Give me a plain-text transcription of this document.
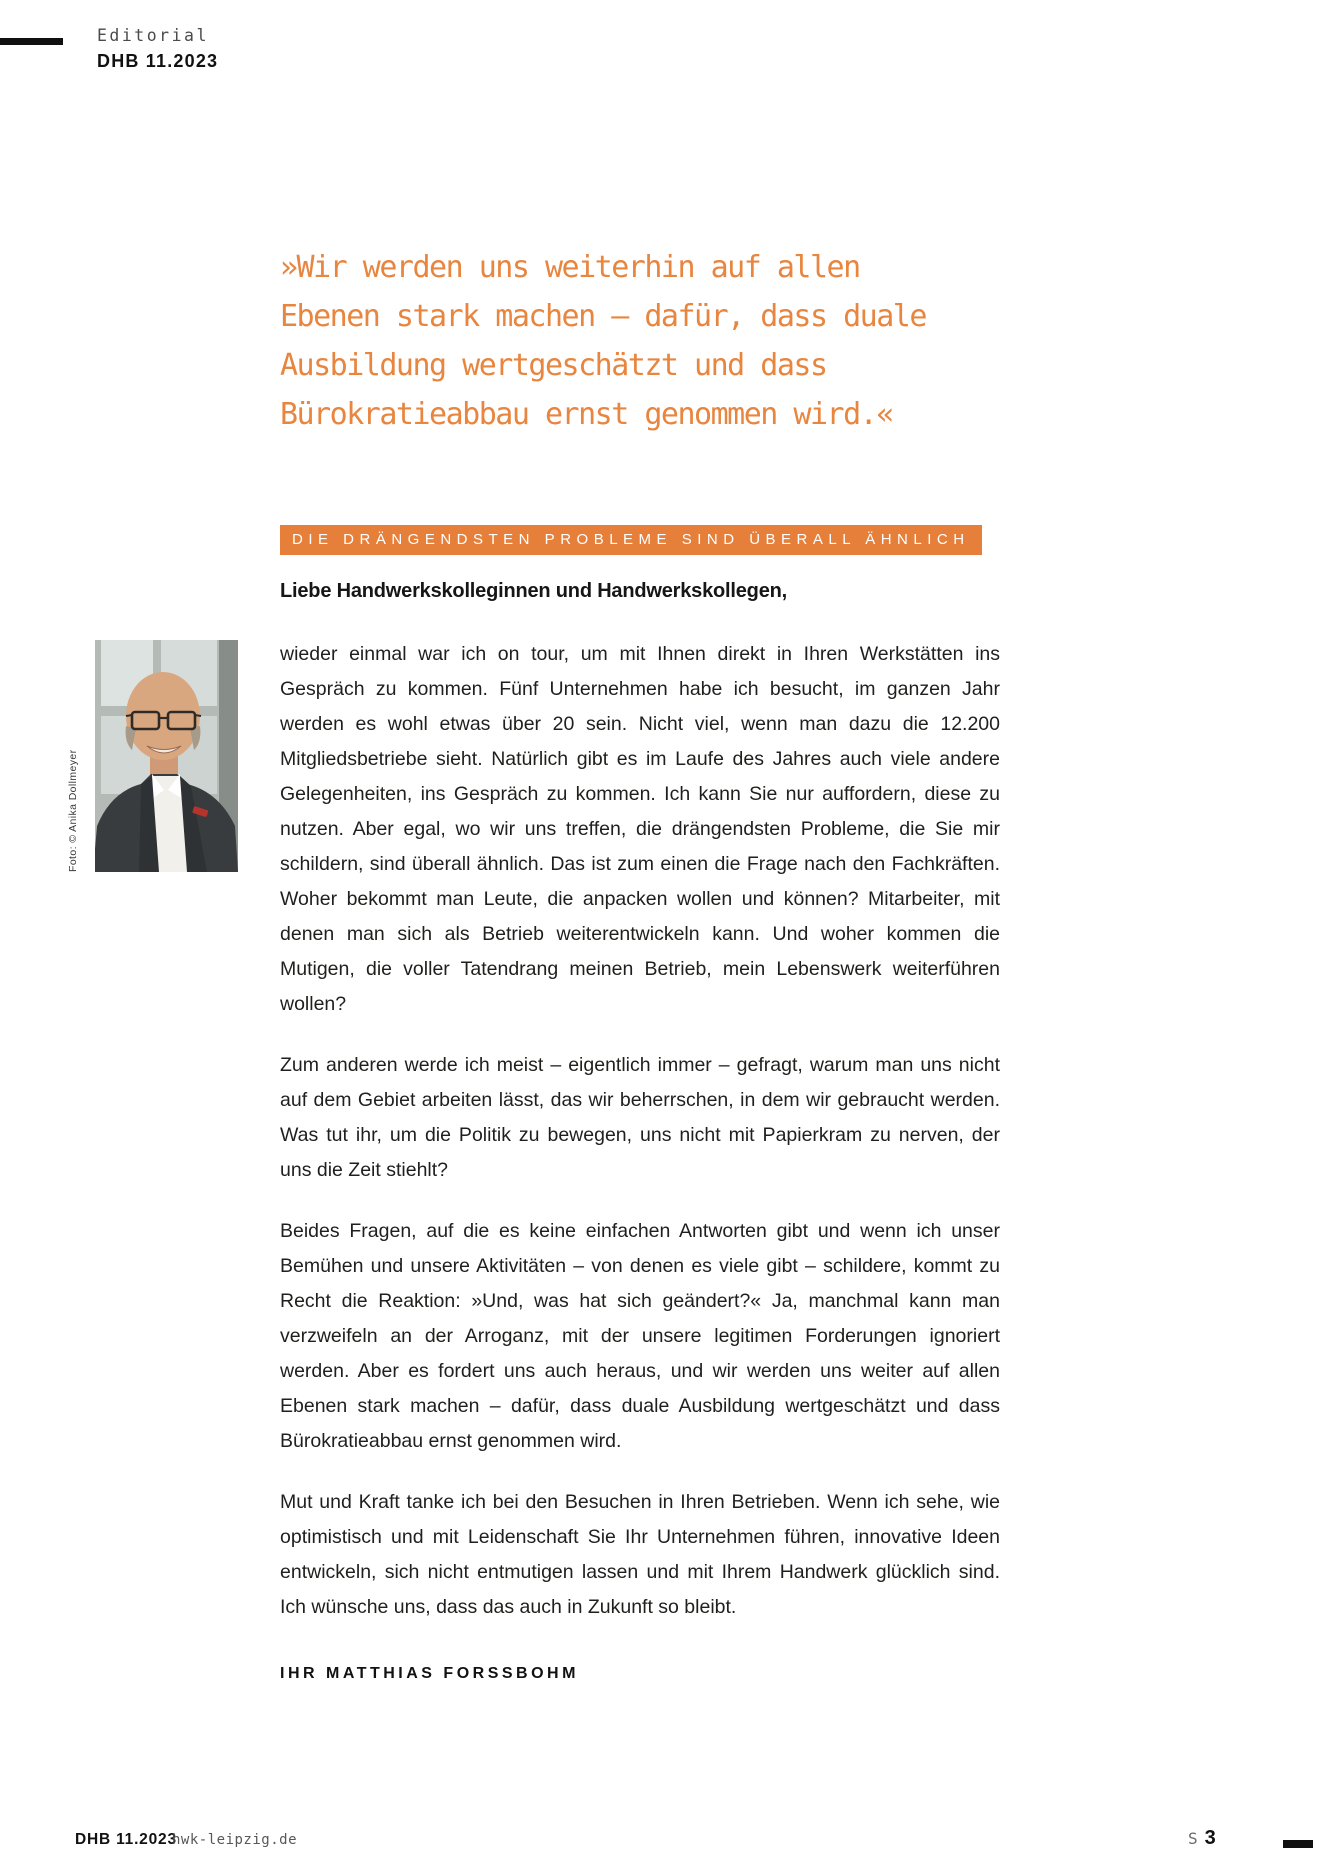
Editorial
DHB 11.2023
»Wir werden uns weiterhin auf allen
Ebenen stark machen – dafür, dass duale
Ausbildung wertgeschätzt und dass
Bürokratieabbau ernst genommen wird.«
DIE DRÄNGENDSTEN PROBLEME SIND ÜBERALL ÄHNLICH
Foto: © Anika Dollmeyer

Liebe Handwerkskolleginnen und Handwerkskollegen,

wieder einmal war ich on tour, um mit Ihnen direkt in Ihren Werkstätten ins Gespräch zu kommen. Fünf Unternehmen habe ich besucht, im ganzen Jahr werden es wohl etwas über 20 sein. Nicht viel, wenn man dazu die 12.200 Mitgliedsbetriebe sieht. Natürlich gibt es im Laufe des Jahres auch viele andere Gelegenheiten, ins Gespräch zu kommen. Ich kann Sie nur auffordern, diese zu nutzen. Aber egal, wo wir uns treffen, die drängendsten Probleme, die Sie mir schildern, sind überall ähnlich. Das ist zum einen die Frage nach den Fachkräften. Woher bekommt man Leute, die anpacken wollen und können? Mitarbeiter, mit denen man sich als Betrieb weiterentwickeln kann. Und woher kommen die Mutigen, die voller Tatendrang meinen Betrieb, mein Lebenswerk weiterführen wollen?

Zum anderen werde ich meist – eigentlich immer – gefragt, warum man uns nicht auf dem Gebiet arbeiten lässt, das wir beherrschen, in dem wir gebraucht werden. Was tut ihr, um die Politik zu bewegen, uns nicht mit Papierkram zu nerven, der uns die Zeit stiehlt?

Beides Fragen, auf die es keine einfachen Antworten gibt und wenn ich unser Bemühen und unsere Aktivitäten – von denen es viele gibt – schildere, kommt zu Recht die Reaktion: »Und, was hat sich geändert?« Ja, manchmal kann man verzweifeln an der Arroganz, mit der unsere legitimen Forderungen ignoriert werden. Aber es fordert uns auch heraus, und wir werden uns weiter auf allen Ebenen stark machen – dafür, dass duale Ausbildung wertgeschätzt und dass Bürokratieabbau ernst genommen wird.

Mut und Kraft tanke ich bei den Besuchen in Ihren Betrieben. Wenn ich sehe, wie optimistisch und mit Leidenschaft Sie Ihr Unternehmen führen, innovative Ideen entwickeln, sich nicht entmutigen lassen und mit Ihrem Handwerk glücklich sind. Ich wünsche uns, dass das auch in Zukunft so bleibt.

IHR MATTHIAS FORSSBOHM

DHB 11.2023
hwk-leipzig.de	S 3
